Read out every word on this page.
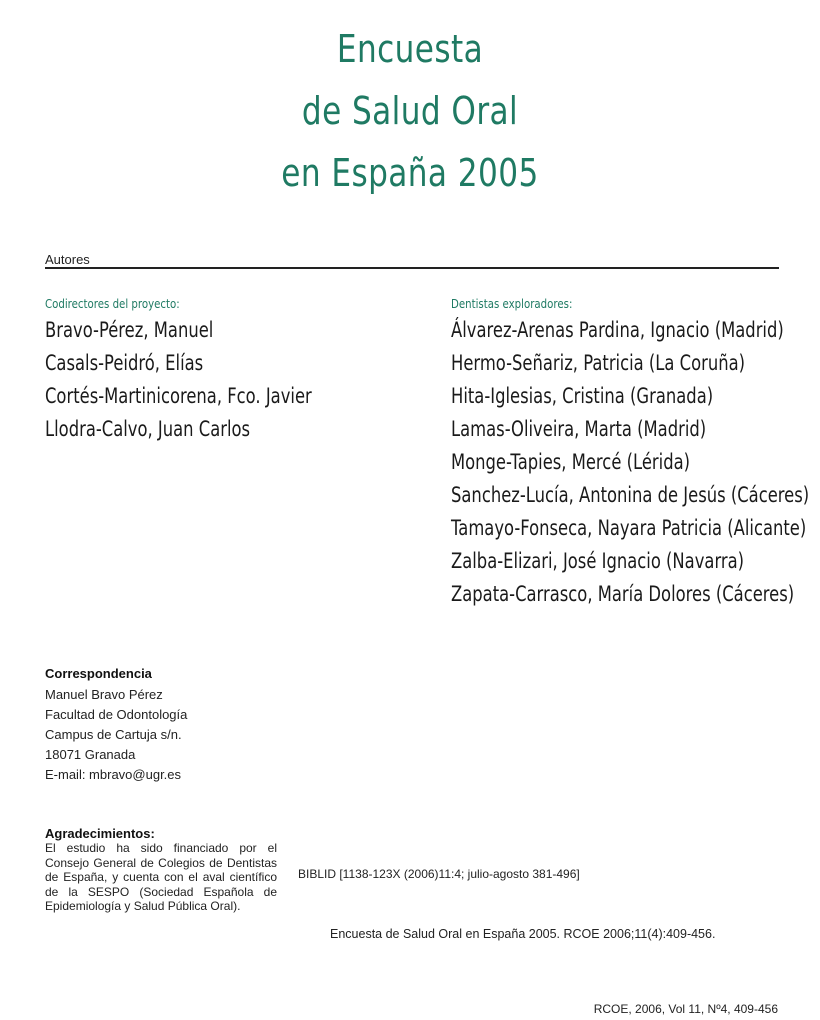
Encuesta
de Salud Oral
en España 2005
Autores
Codirectores del proyecto:
Bravo-Pérez, Manuel
Casals-Peidró, Elías
Cortés-Martinicorena, Fco. Javier
Llodra-Calvo, Juan Carlos
Dentistas exploradores:
Álvarez-Arenas Pardina, Ignacio (Madrid)
Hermo-Señariz, Patricia (La Coruña)
Hita-Iglesias, Cristina (Granada)
Lamas-Oliveira, Marta (Madrid)
Monge-Tapies, Mercé (Lérida)
Sanchez-Lucía, Antonina de Jesús (Cáceres)
Tamayo-Fonseca, Nayara Patricia (Alicante)
Zalba-Elizari, José Ignacio (Navarra)
Zapata-Carrasco, María Dolores (Cáceres)
Correspondencia
Manuel Bravo Pérez
Facultad de Odontología
Campus de Cartuja s/n.
18071 Granada
E-mail: mbravo@ugr.es
Agradecimientos:
El estudio ha sido financiado por el Consejo General de Colegios de Dentistas de España, y cuenta con el aval científico de la SESPO (Sociedad Española de Epidemiología y Salud Pública Oral).
BIBLID [1138-123X (2006)11:4; julio-agosto 381-496]
Encuesta de Salud Oral en España 2005. RCOE 2006;11(4):409-456.
RCOE, 2006, Vol 11, Nº4, 409-456
